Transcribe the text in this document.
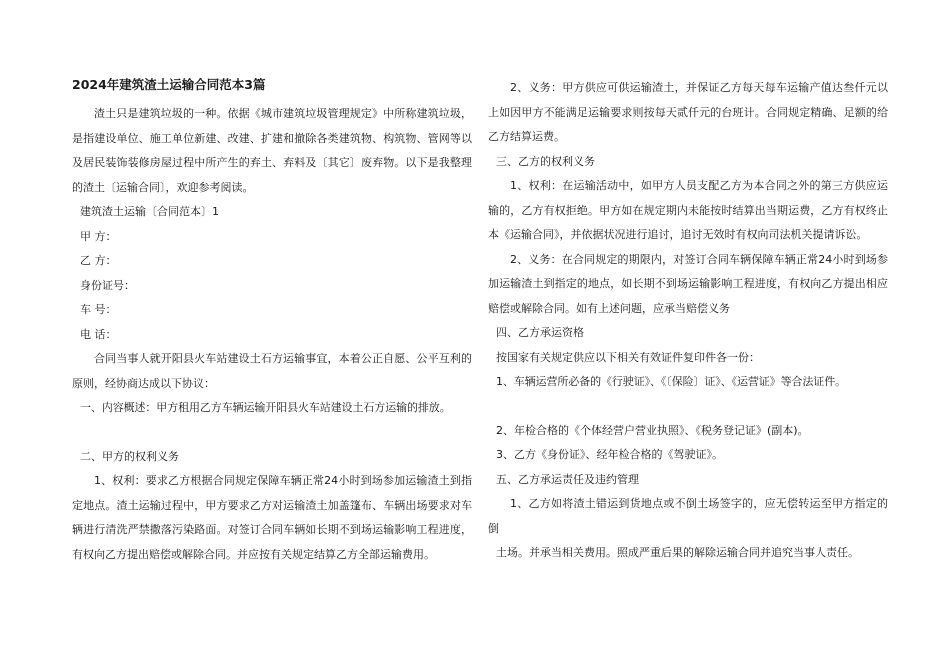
2024年建筑渣土运输合同范本3篇

渣土只是建筑垃圾的一种。依据《城市建筑垃圾管理规定》中所称建筑垃圾，是指建设单位、施工单位新建、改建、扩建和撤除各类建筑物、构筑物、管网等以及居民装饰装修房屋过程中所产生的弃土、弃料及〔其它〕废弃物。以下是我整理的渣土〔运输合同〕，欢迎参考阅读。

建筑渣土运输〔合同范本〕1

甲 方：

乙 方：

身份证号：

车 号：

电 话：

合同当事人就开阳县火车站建设土石方运输事宜，本着公正自愿、公平互利的原则，经协商达成以下协议：

一、内容概述：甲方租用乙方车辆运输开阳县火车站建设土石方运输的排放。

二、甲方的权利义务

1、权利：要求乙方根据合同规定保障车辆正常24小时到场参加运输渣土到指定地点。渣土运输过程中，甲方要求乙方对运输渣土加盖篷布、车辆出场要求对车辆进行清洗严禁撒落污染路面。对签订合同车辆如长期不到场运输影响工程进度，有权向乙方提出赔偿或解除合同。并应按有关规定结算乙方全部运输费用。

2、义务：甲方供应可供运输渣土，并保证乙方每天每车运输产值达叁仟元以上如因甲方不能满足运输要求则按每天贰仟元的台班计。合同规定精确、足额的给乙方结算运费。

三、乙方的权利义务

1、权利：在运输活动中，如甲方人员支配乙方为本合同之外的第三方供应运输的，乙方有权拒绝。甲方如在规定期内未能按时结算出当期运费，乙方有权终止本《运输合同》，并依据状况进行追讨，追讨无效时有权向司法机关提请诉讼。

2、义务：在合同规定的期限内，对签订合同车辆保障车辆正常24小时到场参加运输渣土到指定的地点，如长期不到场运输影响工程进度，有权向乙方提出相应赔偿或解除合同。如有上述问题，应承当赔偿义务

四、乙方承运资格

按国家有关规定供应以下相关有效证件复印件各一份：

1、车辆运营所必备的《行驶证》、《〔保险〕证》、《运营证》等合法证件。

2、年检合格的《个体经营户营业执照》、《税务登记证》(副本)。

3、乙方《身份证》、经年检合格的《驾驶证》。

五、乙方承运责任及违约管理

1、乙方如将渣土错运到货地点或不倒土场签字的，应无偿转运至甲方指定的倒

土场。并承当相关费用。照成严重后果的解除运输合同并追究当事人责任。
